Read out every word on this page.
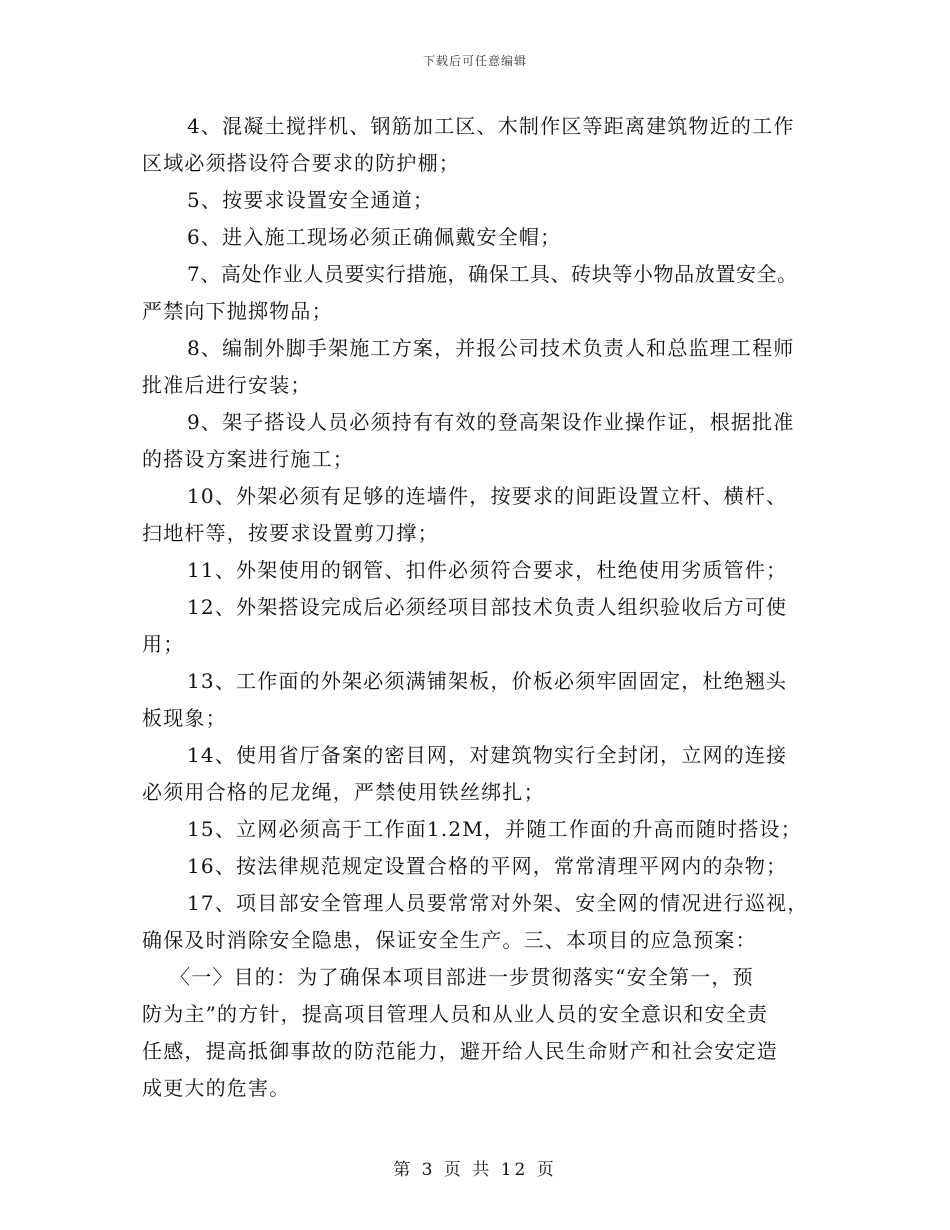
下载后可任意编辑

4、混凝土搅拌机、钢筋加工区、木制作区等距离建筑物近的工作
区域必须搭设符合要求的防护棚；

5、按要求设置安全通道；

6、进入施工现场必须正确佩戴安全帽；

7、高处作业人员要实行措施，确保工具、砖块等小物品放置安全。
严禁向下抛掷物品；

8、编制外脚手架施工方案，并报公司技术负责人和总监理工程师
批准后进行安装；

9、架子搭设人员必须持有有效的登高架设作业操作证，根据批准
的搭设方案进行施工；

10、外架必须有足够的连墙件，按要求的间距设置立杆、横杆、
扫地杆等，按要求设置剪刀撑；

11、外架使用的钢管、扣件必须符合要求，杜绝使用劣质管件；

12、外架搭设完成后必须经项目部技术负责人组织验收后方可使
用；

13、工作面的外架必须满铺架板，价板必须牢固固定，杜绝翘头
板现象；

14、使用省厅备案的密目网，对建筑物实行全封闭，立网的连接
必须用合格的尼龙绳，严禁使用铁丝绑扎；

15、立网必须高于工作面1.2M，并随工作面的升高而随时搭设；

16、按法律规范规定设置合格的平网，常常清理平网内的杂物；

17、项目部安全管理人员要常常对外架、安全网的情况进行巡视，
确保及时消除安全隐患，保证安全生产。三、本项目的应急预案：

〈一〉目的：为了确保本项目部进一步贯彻落实“安全第一，预
防为主”的方针，提高项目管理人员和从业人员的安全意识和安全责
任感，提高抵御事故的防范能力，避开给人民生命财产和社会安定造
成更大的危害。

第 3 页 共 12 页
